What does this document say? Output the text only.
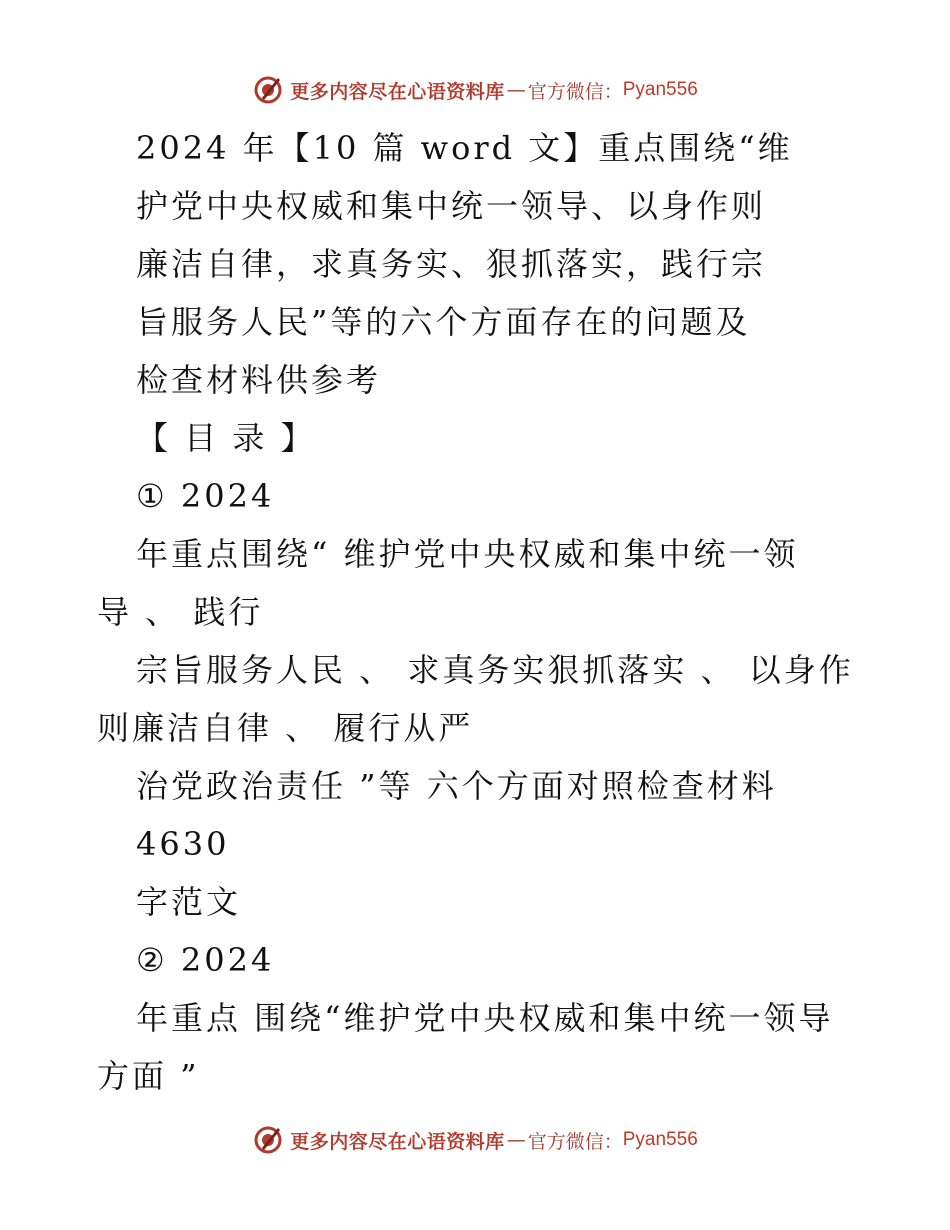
更多内容尽在心语资料库 — 官方微信： Pyan556
2024 年【10 篇 word 文】重点围绕“维
护党中央权威和集中统一领导、以身作则
廉洁自律，求真务实、狠抓落实，践行宗
旨服务人民”等的六个方面存在的问题及
检查材料供参考
【 目 录 】
① 2024
年重点围绕“ 维护党中央权威和集中统一领
导 、 践行
宗旨服务人民 、 求真务实狠抓落实 、 以身作
则廉洁自律 、 履行从严
治党政治责任 ”等 六个方面对照检查材料
4630
字范文
② 2024
年重点 围绕“维护党中央权威和集中统一领导
方面 ”
更多内容尽在心语资料库 — 官方微信： Pyan556
